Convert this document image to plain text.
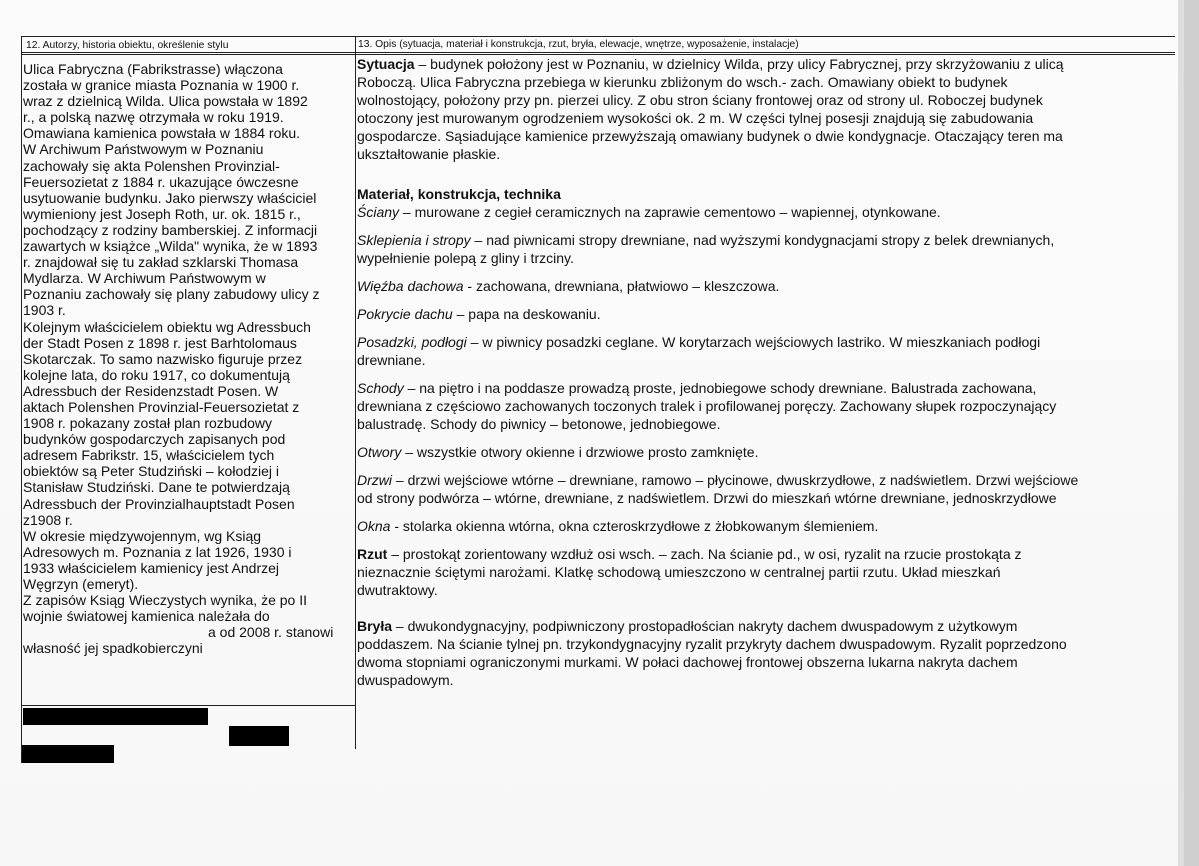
12. Autorzy, historia obiektu, określenie stylu	13. Opis (sytuacja, materiał i konstrukcja, rzut, bryła, elewacje, wnętrze, wyposażenie, instalacje)
Ulica Fabryczna (Fabrikstrasse) włączona
została w granice miasta Poznania w 1900 r.
wraz z dzielnicą Wilda. Ulica powstała w 1892
r., a polską nazwę otrzymała w roku 1919.
Omawiana kamienica powstała w 1884 roku.
W Archiwum Państwowym w Poznaniu
zachowały się akta Polenshen Provinzial-
Feuersozietat z 1884 r. ukazujące ówczesne
usytuowanie budynku. Jako pierwszy właściciel
wymieniony jest Joseph Roth, ur. ok. 1815 r.,
pochodzący z rodziny bamberskiej. Z informacji
zawartych w książce „Wilda" wynika, że w 1893
r. znajdował się tu zakład szklarski Thomasa
Mydlarza. W Archiwum Państwowym w
Poznaniu zachowały się plany zabudowy ulicy z
1903 r.
Kolejnym właścicielem obiektu wg Adressbuch
der Stadt Posen z 1898 r. jest Barhtolomaus
Skotarczak. To samo nazwisko figuruje przez
kolejne lata, do roku 1917, co dokumentują
Adressbuch der Residenzstadt Posen. W
aktach Polenshen Provinzial-Feuersozietat z
1908 r. pokazany został plan rozbudowy
budynków gospodarczych zapisanych pod
adresem Fabrikstr. 15, właścicielem tych
obiektów są Peter Studziński – kołodziej i
Stanisław Studziński. Dane te potwierdzają
Adressbuch der Provinzialhauptstadt Posen
z1908 r.
W okresie międzywojennym, wg Ksiąg
Adresowych m. Poznania z lat 1926, 1930 i
1933 właścicielem kamienicy jest Andrzej
Węgrzyn (emeryt).
Z zapisów Ksiąg Wieczystych wynika, że po II
wojnie światowej kamienica należała do
a od 2008 r. stanowi
własność jej spadkobierczyni
Sytuacja – budynek położony jest w Poznaniu, w dzielnicy Wilda, przy ulicy Fabrycznej, przy skrzyżowaniu z ulicą
Roboczą. Ulica Fabryczna przebiega w kierunku zbliżonym do wsch.- zach. Omawiany obiekt to budynek
wolnostojący, położony przy pn. pierzei ulicy. Z obu stron ściany frontowej oraz od strony ul. Roboczej budynek
otoczony jest murowanym ogrodzeniem wysokości ok. 2 m. W części tylnej posesji znajdują się zabudowania
gospodarcze. Sąsiadujące kamienice przewyższają omawiany budynek o dwie kondygnacje. Otaczający teren ma
ukształtowanie płaskie.
Materiał, konstrukcja, technika
Ściany – murowane z cegieł ceramicznych na zaprawie cementowo – wapiennej, otynkowane.
Sklepienia i stropy – nad piwnicami stropy drewniane, nad wyższymi kondygnacjami stropy z belek drewnianych,
wypełnienie polepą z gliny i trzciny.
Więźba dachowa - zachowana, drewniana, płatwiowo – kleszczowa.
Pokrycie dachu – papa na deskowaniu.
Posadzki, podłogi – w piwnicy posadzki ceglane. W korytarzach wejściowych lastriko. W mieszkaniach podłogi
drewniane.
Schody – na piętro i na poddasze prowadzą proste, jednobiegowe schody drewniane. Balustrada zachowana,
drewniana z częściowo zachowanych toczonych tralek i profilowanej poręczy. Zachowany słupek rozpoczynający
balustradę. Schody do piwnicy – betonowe, jednobiegowe.
Otwory – wszystkie otwory okienne i drzwiowe prosto zamknięte.
Drzwi – drzwi wejściowe wtórne – drewniane, ramowo – płycinowe, dwuskrzydłowe, z nadświetlem. Drzwi wejściowe
od strony podwórza – wtórne, drewniane, z nadświetlem. Drzwi do mieszkań wtórne drewniane, jednoskrzydłowe
Okna - stolarka okienna wtórna, okna czteroskrzydłowe z żłobkowanym ślemieniem.
Rzut – prostokąt zorientowany wzdłuż osi wsch. – zach. Na ścianie pd., w osi, ryzalit na rzucie prostokąta z
nieznacznie ściętymi narożami. Klatkę schodową umieszczono w centralnej partii rzutu. Układ mieszkań
dwutraktowy.
Bryła – dwukondygnacyjny, podpiwniczony prostopadłościan nakryty dachem dwuspadowym z użytkowym
poddaszem. Na ścianie tylnej pn. trzykondygnacyjny ryzalit przykryty dachem dwuspadowym. Ryzalit poprzedzono
dwoma stopniami ograniczonymi murkami. W połaci dachowej frontowej obszerna lukarna nakryta dachem
dwuspadowym.
